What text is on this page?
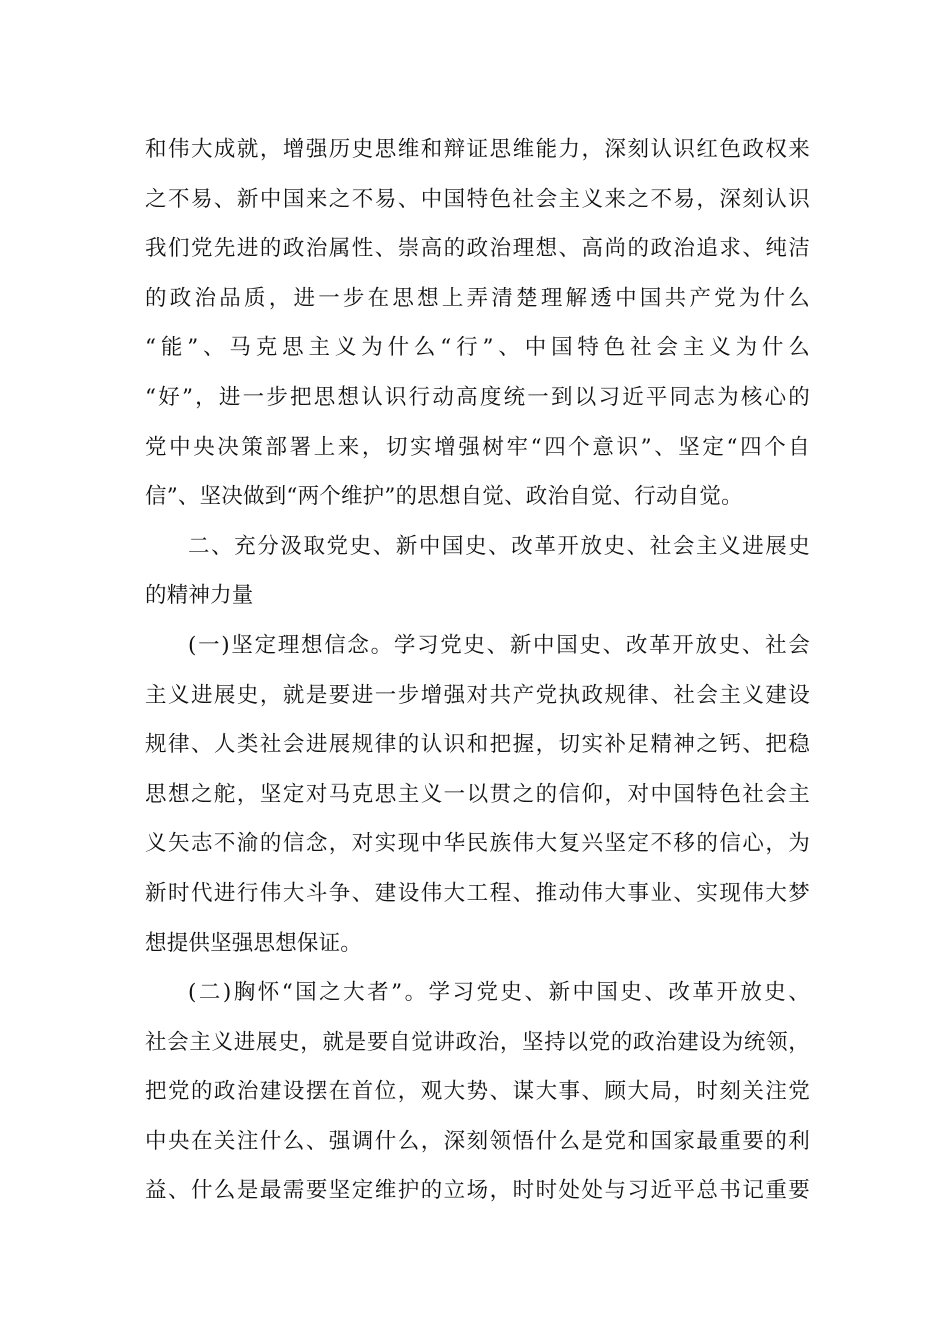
和伟大成就，增强历史思维和辩证思维能力，深刻认识红色政权来
之不易、新中国来之不易、中国特色社会主义来之不易，深刻认识
我们党先进的政治属性、崇高的政治理想、高尚的政治追求、纯洁
的政治品质，进一步在思想上弄清楚理解透中国共产党为什么
“能”、马克思主义为什么“行”、中国特色社会主义为什么
“好”，进一步把思想认识行动高度统一到以习近平同志为核心的
党中央决策部署上来，切实增强树牢“四个意识”、坚定“四个自
信”、坚决做到“两个维护”的思想自觉、政治自觉、行动自觉。
二、充分汲取党史、新中国史、改革开放史、社会主义进展史
的精神力量
(一)坚定理想信念。学习党史、新中国史、改革开放史、社会
主义进展史，就是要进一步增强对共产党执政规律、社会主义建设
规律、人类社会进展规律的认识和把握，切实补足精神之钙、把稳
思想之舵，坚定对马克思主义一以贯之的信仰，对中国特色社会主
义矢志不渝的信念，对实现中华民族伟大复兴坚定不移的信心，为
新时代进行伟大斗争、建设伟大工程、推动伟大事业、实现伟大梦
想提供坚强思想保证。
(二)胸怀“国之大者”。学习党史、新中国史、改革开放史、
社会主义进展史，就是要自觉讲政治，坚持以党的政治建设为统领，
把党的政治建设摆在首位，观大势、谋大事、顾大局，时刻关注党
中央在关注什么、强调什么，深刻领悟什么是党和国家最重要的利
益、什么是最需要坚定维护的立场，时时处处与习近平总书记重要
